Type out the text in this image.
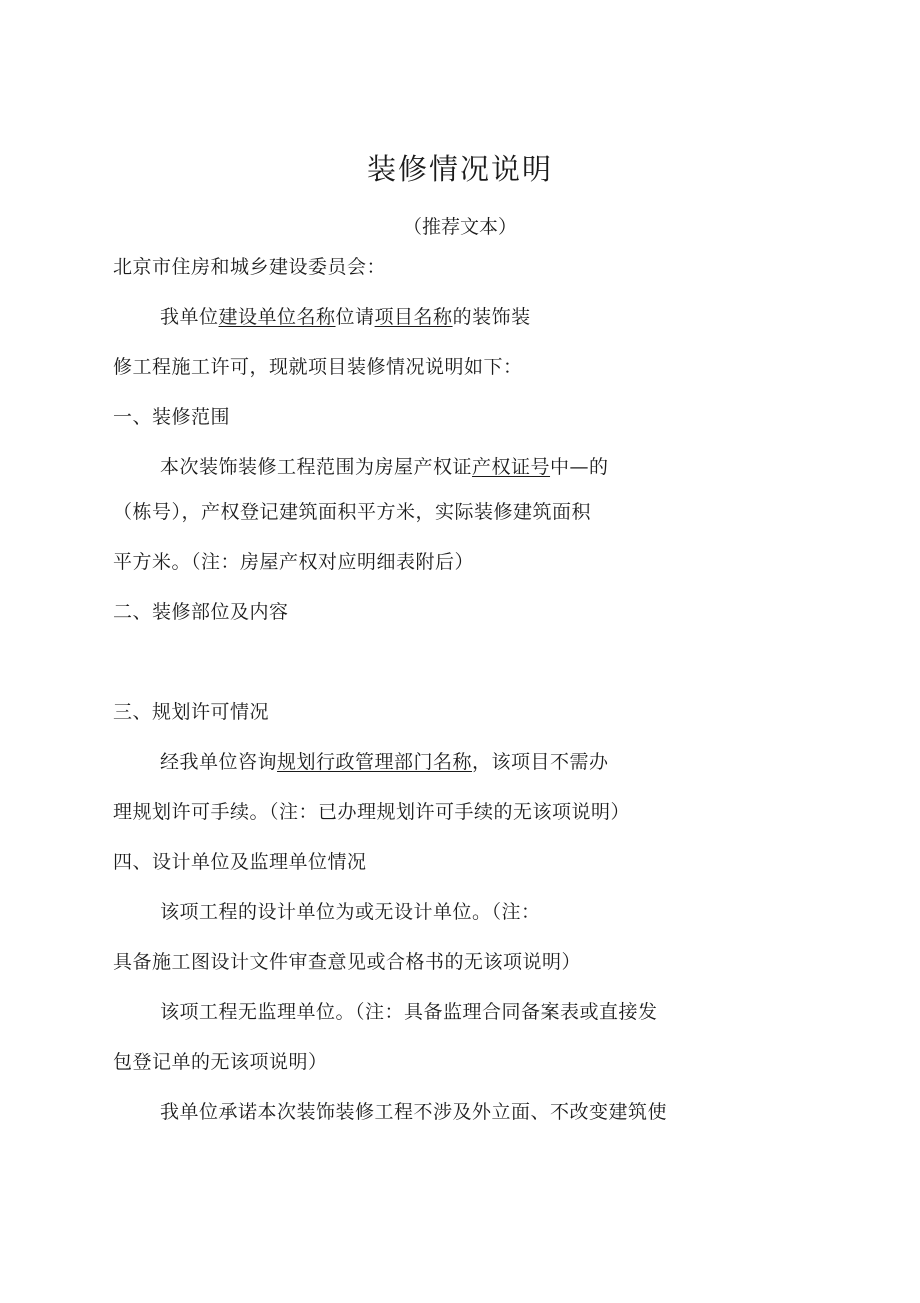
装修情况说明
（推荐文本）
北京市住房和城乡建设委员会：
我单位建设单位名称位请项目名称的装饰装
修工程施工许可，现就项目装修情况说明如下：
一、装修范围
本次装饰装修工程范围为房屋产权证产权证号中—的
（栋号），产权登记建筑面积平方米，实际装修建筑面积
平方米。（注：房屋产权对应明细表附后）
二、装修部位及内容
三、规划许可情况
经我单位咨询规划行政管理部门名称，该项目不需办
理规划许可手续。（注：已办理规划许可手续的无该项说明）
四、设计单位及监理单位情况
该项工程的设计单位为或无设计单位。（注：
具备施工图设计文件审查意见或合格书的无该项说明）
该项工程无监理单位。（注：具备监理合同备案表或直接发
包登记单的无该项说明）
我单位承诺本次装饰装修工程不涉及外立面、不改变建筑使
